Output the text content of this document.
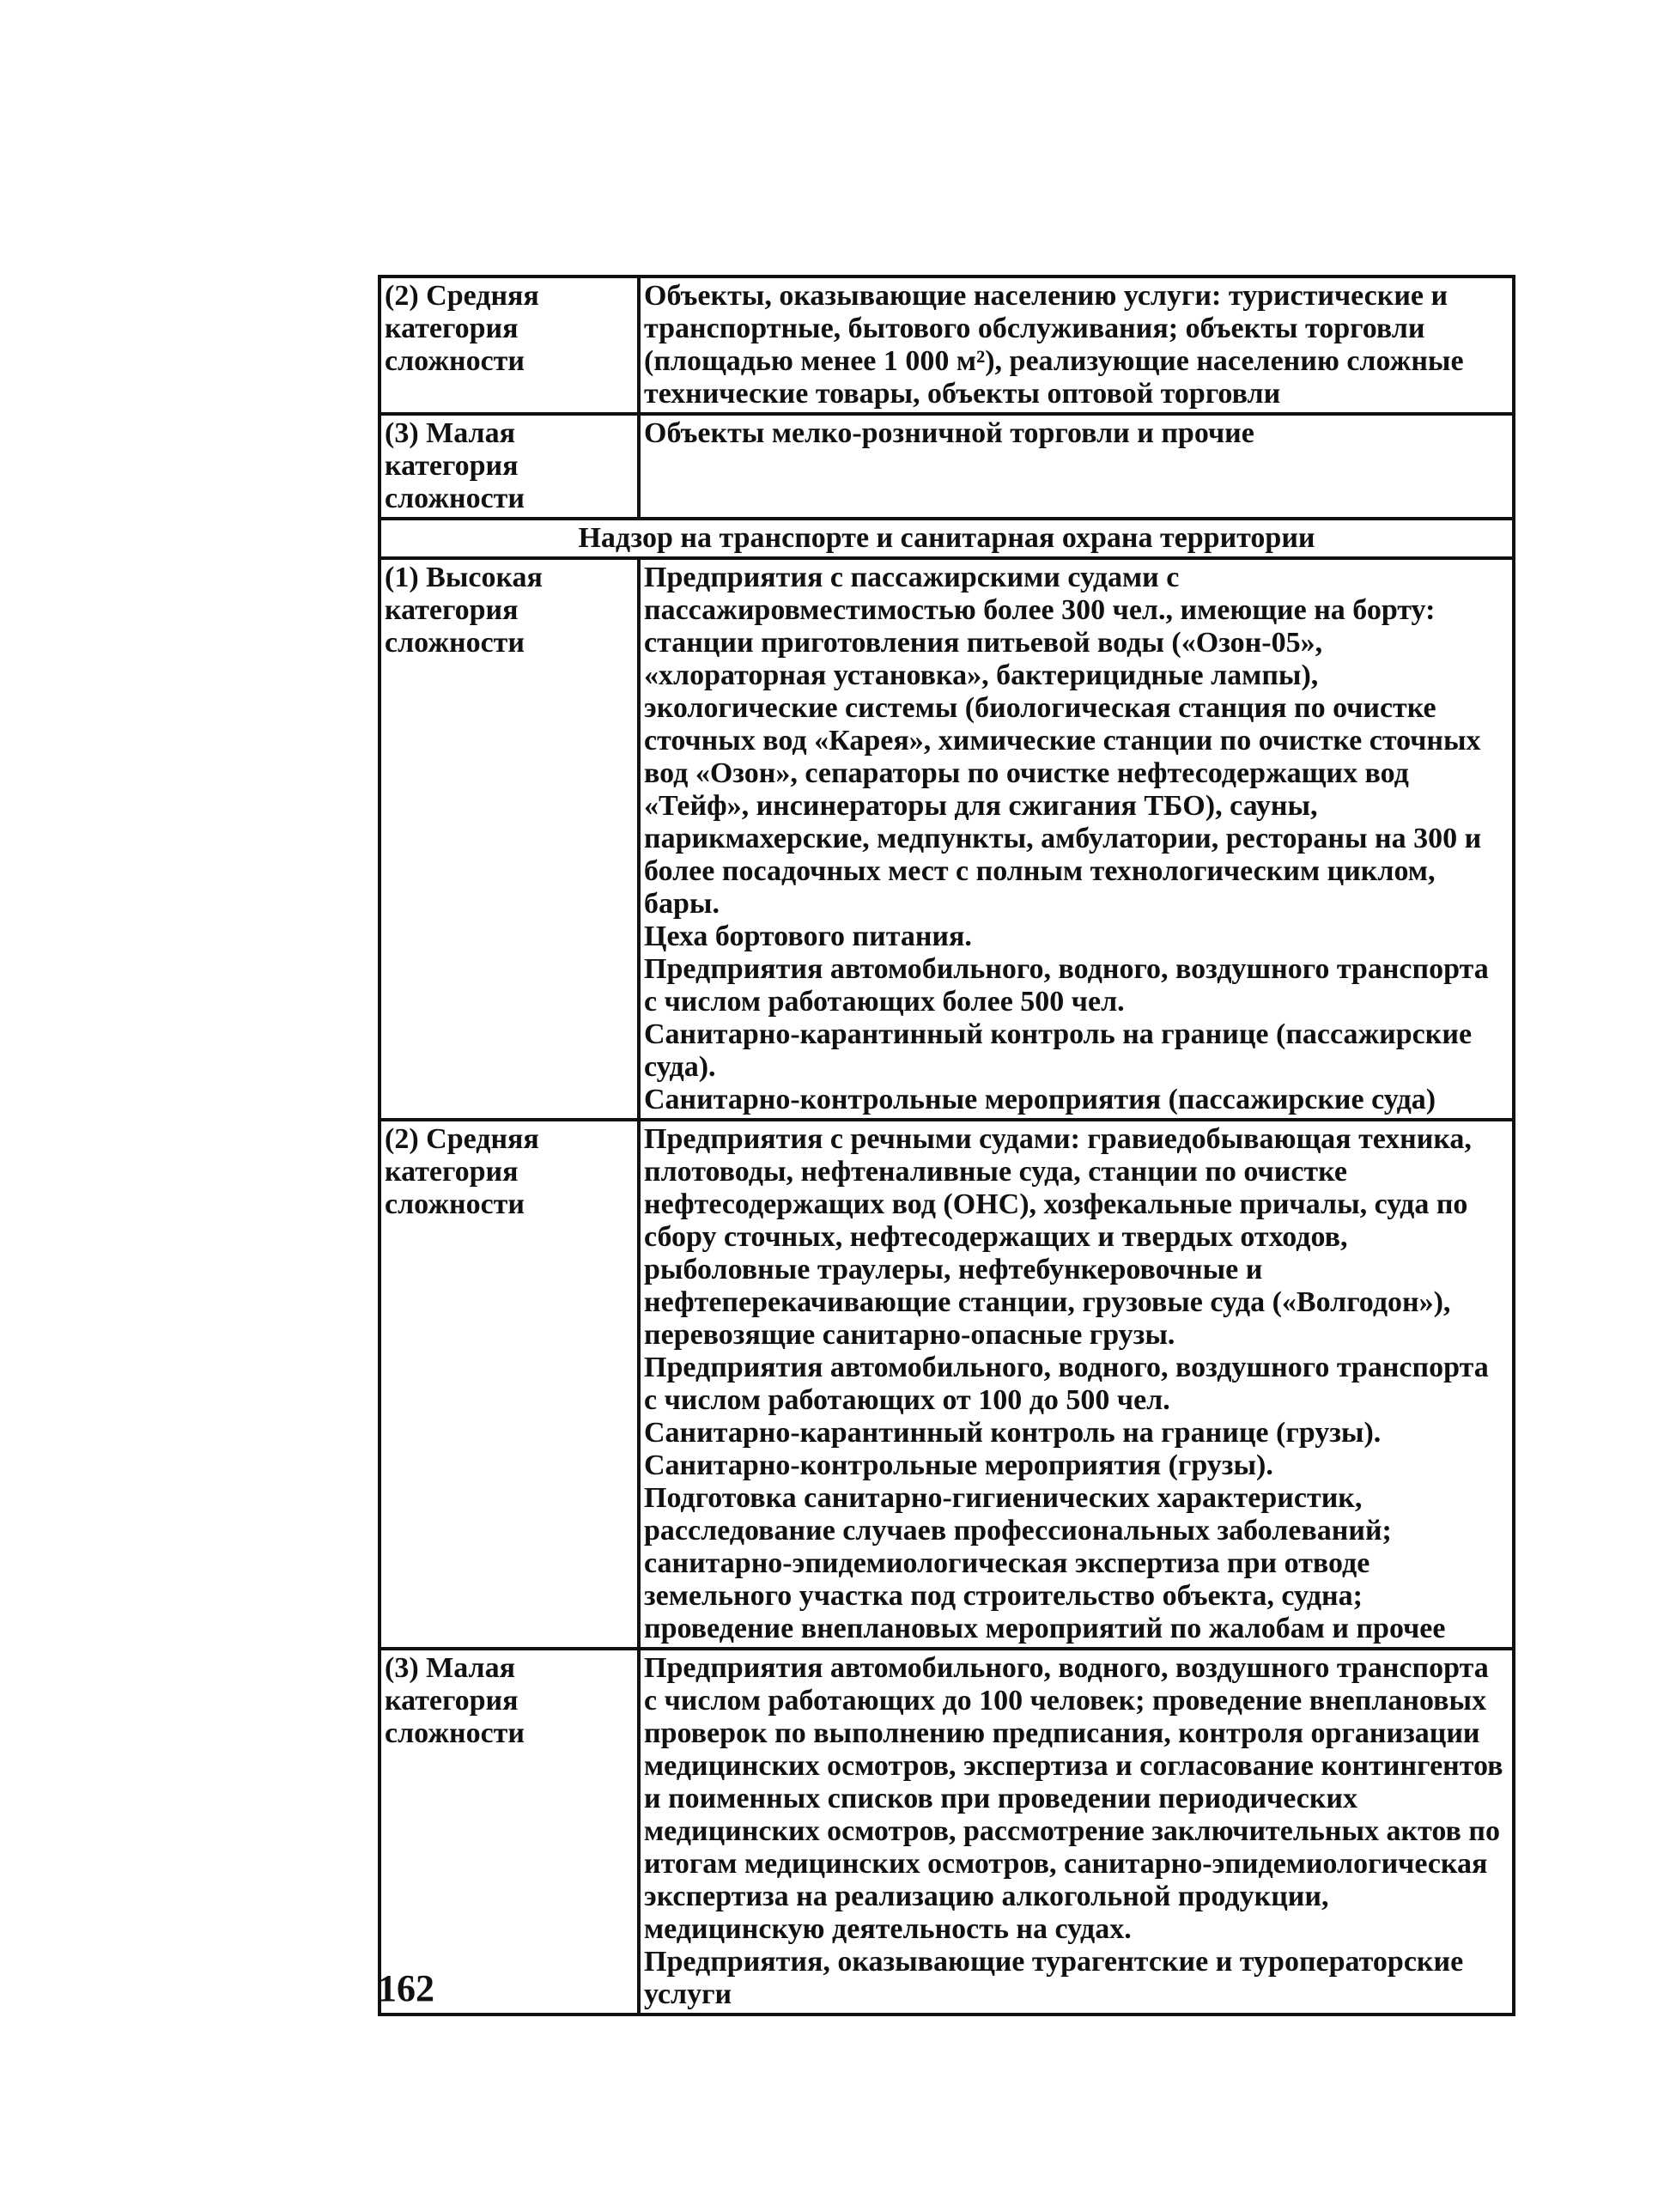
(2) Средняя категория сложности	Объекты, оказывающие населению услуги: туристические и транспортные, бытового обслуживания; объекты торговли (площадью менее 1 000 м²), реализующие населению сложные технические товары, объекты оптовой торговли

(3) Малая категория сложности	Объекты мелко-розничной торговли и прочие

Надзор на транспорте и санитарная охрана территории	
(1) Высокая категория сложности	Предприятия с пассажирскими судами с пассажировместимостью более 300 чел., имеющие на борту: станции приготовления питьевой воды («Озон-05», «хлораторная установка», бактерицидные лампы), экологические системы (биологическая станция по очистке сточных вод «Карея», химические станции по очистке сточных вод «Озон», сепараторы по очистке нефтесодержащих вод «Тейф», инсинераторы для сжигания ТБО), сауны, парикмахерские, медпункты, амбулатории, рестораны на 300 и более посадочных мест с полным технологическим циклом, бары.

Цеха бортового питания.

Предприятия автомобильного, водного, воздушного транспорта с числом работающих более 500 чел.

Санитарно-карантинный контроль на границе (пассажирские суда).

Санитарно-контрольные мероприятия (пассажирские суда)

(2) Средняя категория сложности	Предприятия с речными судами: гравиедобывающая техника, плотоводы, нефтеналивные суда, станции по очистке нефтесодержащих вод (ОНС), хозфекальные причалы, суда по сбору сточных, нефтесодержащих и твердых отходов, рыболовные траулеры, нефтебункеровочные и нефтеперекачивающие станции, грузовые суда («Волгодон»), перевозящие санитарно-опасные грузы.

Предприятия автомобильного, водного, воздушного транспорта с числом работающих от 100 до 500 чел.

Санитарно-карантинный контроль на границе (грузы).

Санитарно-контрольные мероприятия (грузы).

Подготовка санитарно-гигиенических характеристик, расследование случаев профессиональных заболеваний; санитарно-эпидемиологическая экспертиза при отводе земельного участка под строительство объекта, судна; проведение внеплановых мероприятий по жалобам и прочее

(3) Малая категория сложности	Предприятия автомобильного, водного, воздушного транспорта с числом работающих до 100 человек; проведение внеплановых проверок по выполнению предписания, контроля организации медицинских осмотров, экспертиза и согласование контингентов и поименных списков при проведении периодических медицинских осмотров, рассмотрение заключительных актов по итогам медицинских осмотров, санитарно-эпидемиологическая экспертиза на реализацию алкогольной продукции, медицинскую деятельность на судах.

Предприятия, оказывающие турагентские и туроператорские услуги

162
